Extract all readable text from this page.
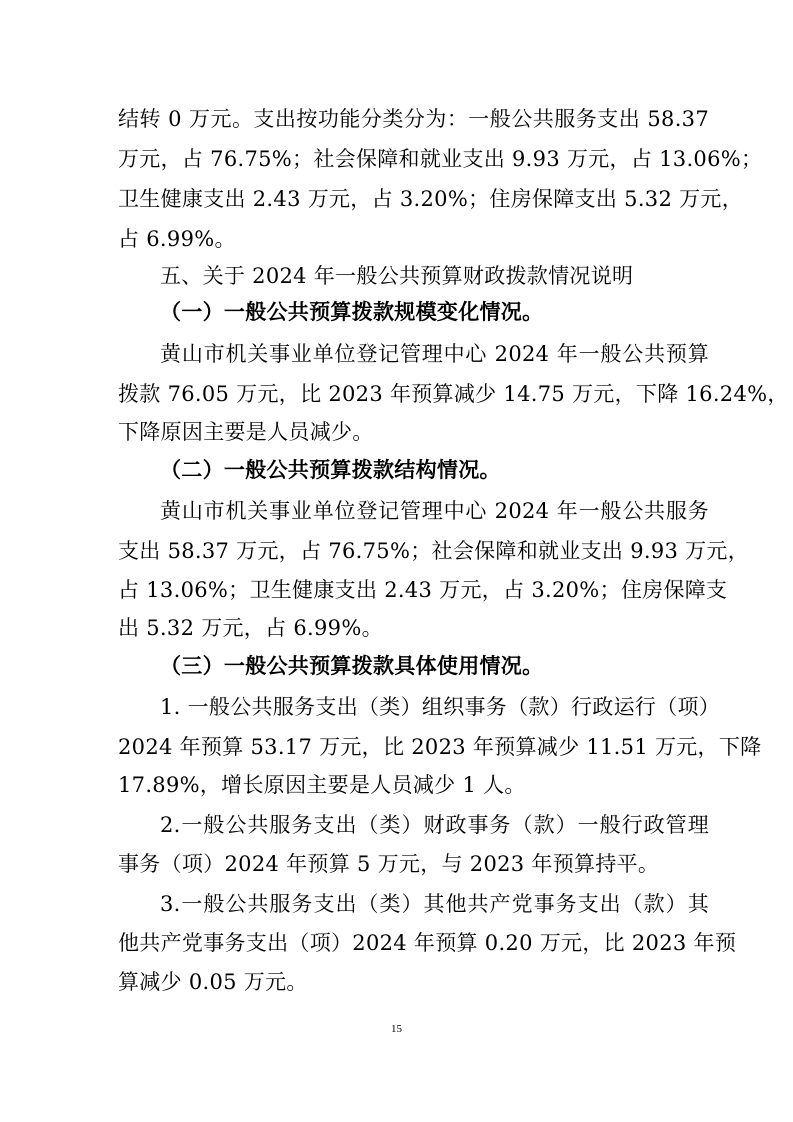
结转 0 万元。支出按功能分类分为：一般公共服务支出 58.37
万元，占 76.75%；社会保障和就业支出 9.93 万元，占 13.06%；
卫生健康支出 2.43 万元，占 3.20%；住房保障支出 5.32 万元，
占 6.99%。
五、关于 2024 年一般公共预算财政拨款情况说明
（一）一般公共预算拨款规模变化情况。
黄山市机关事业单位登记管理中心 2024 年一般公共预算
拨款 76.05 万元，比 2023 年预算减少 14.75 万元，下降 16.24%，
下降原因主要是人员减少。
（二）一般公共预算拨款结构情况。
黄山市机关事业单位登记管理中心 2024 年一般公共服务
支出 58.37 万元，占 76.75%；社会保障和就业支出 9.93 万元，
占 13.06%；卫生健康支出 2.43 万元，占 3.20%；住房保障支
出 5.32 万元，占 6.99%。
（三）一般公共预算拨款具体使用情况。
1. 一般公共服务支出（类）组织事务（款）行政运行（项）
2024 年预算 53.17 万元，比 2023 年预算减少 11.51 万元，下降
17.89%，增长原因主要是人员减少 1 人。
2.一般公共服务支出（类）财政事务（款）一般行政管理
事务（项）2024 年预算 5 万元，与 2023 年预算持平。
3.一般公共服务支出（类）其他共产党事务支出（款）其
他共产党事务支出（项）2024 年预算 0.20 万元，比 2023 年预
算减少 0.05 万元。
15
